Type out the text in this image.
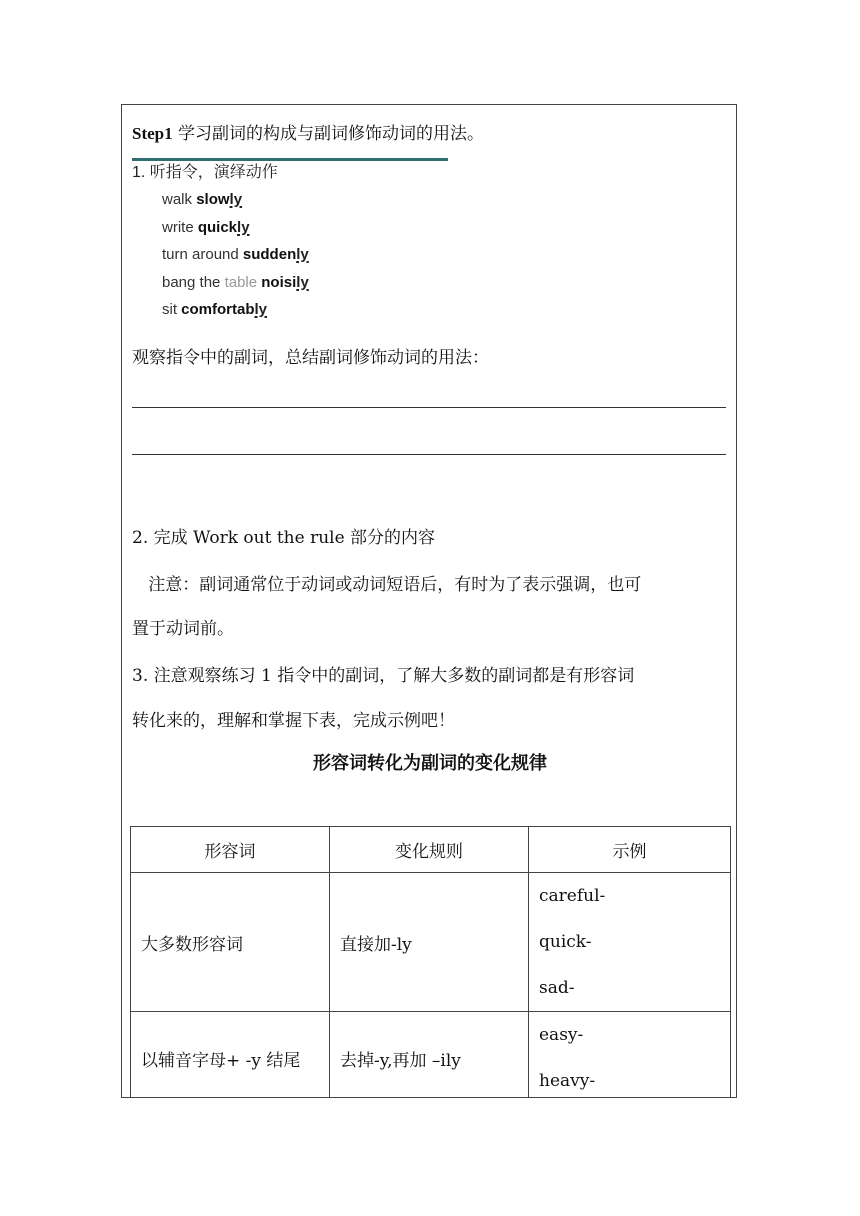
Step1 学习副词的构成与副词修饰动词的用法。
1. 听指令，演绎动作
walk slowly
write quickly
turn around suddenly
bang the table noisily
sit comfortably
观察指令中的副词，总结副词修饰动词的用法：
2. 完成 Work out the rule 部分的内容
注意：副词通常位于动词或动词短语后，有时为了表示强调，也可
置于动词前。
3. 注意观察练习 1 指令中的副词，了解大多数的副词都是有形容词
转化来的，理解和掌握下表，完成示例吧！
形容词转化为副词的变化规律
形容词	变化规则	示例
大多数形容词	直接加-ly	careful-
quick-
sad-

以辅音字母+ -y 结尾	去掉-y,再加 –ily	easy-
heavy-
